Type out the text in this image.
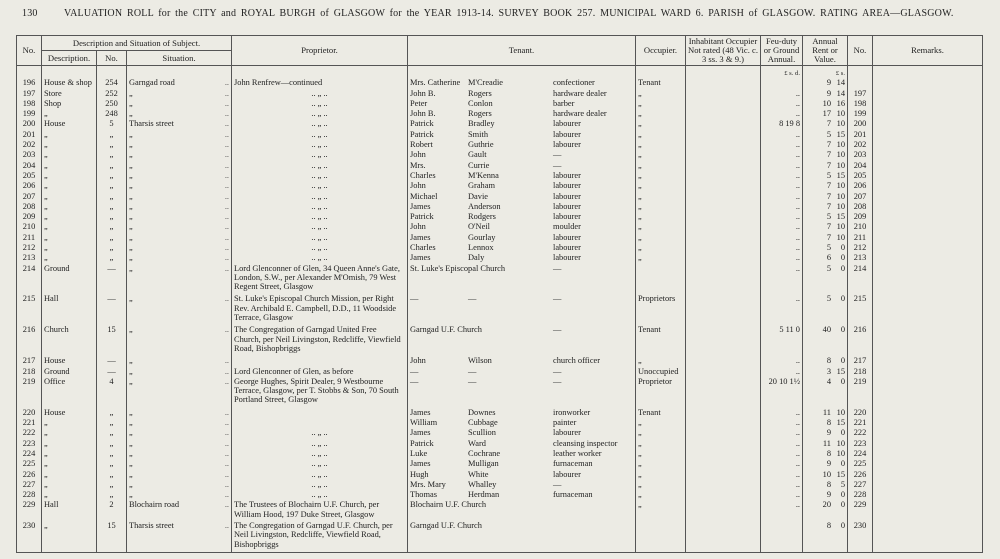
130	VALUATION ROLL for the CITY and ROYAL BURGH of GLASGOW for the YEAR 1913-14. SURVEY BOOK 257. MUNICIPAL WARD 6. PARISH of GLASGOW. RATING AREA—GLASGOW.
No.	Description and Situation of Subject.			Proprietor.	Tenant.	Occupier.	Inhabitant Occupier Not rated (48 Vic. c. 3 ss. 3 & 9.)	Feu-duty or Ground Annual.	Annual Rent or Value.	No.	Remarks.
	Description.	No.	Situation.								
								£ s. d.	£ s.		
196	House & shop	254	Garngad road ..	John Renfrew—continued	Mrs. Catherine M'Creadie confectioner	Tenant			9 14		
197	Store	252	„ ..	.. „ ..	John B. Rogers hardware dealer	„		..	9 14	197	
198	Shop	250	„ ..	.. „ ..	Peter Conlon barber	„		..	10 16	198	
199	„	248	„ ..	.. „ ..	John B. Rogers hardware dealer	„		..	17 10	199	
200	House	5	Tharsis street ..	.. „ ..	Patrick Bradley labourer	„		8 19 8	7 10	200	
201	„	„	„ ..	.. „ ..	Patrick Smith labourer	„		..	5 15	201	
202	„	„	„ ..	.. „ ..	Robert Guthrie labourer	„		..	7 10	202	
203	„	„	„ ..	.. „ ..	John Gault —	„		..	7 10	203	
204	„	„	„ ..	.. „ ..	Mrs. Currie —	„		..	7 10	204	
205	„	„	„ ..	.. „ ..	Charles M'Kenna labourer	„		..	5 15	205	
206	„	„	„ ..	.. „ ..	John Graham labourer	„		..	7 10	206	
207	„	„	„ ..	.. „ ..	Michael Davie labourer	„		..	7 10	207	
208	„	„	„ ..	.. „ ..	James Anderson labourer	„		..	7 10	208	
209	„	„	„ ..	.. „ ..	Patrick Rodgers labourer	„		..	5 15	209	
210	„	„	„ ..	.. „ ..	John O'Neil moulder	„		..	7 10	210	
211	„	„	„ ..	.. „ ..	James Gourlay labourer	„		..	7 10	211	
212	„	„	„ ..	.. „ ..	Charles Lennox labourer	„		..	5 0	212	
213	„	„	„ ..	.. „ ..	James Daly labourer	„		..	6 0	213	
214	Ground	—	„ ..	Lord Glenconner of Glen, 34 Queen Anne's Gate, London, S.W., per Alexander M'Omish, 79 West Regent Street, Glasgow	St. Luke's Episcopal Church —			..	5 0	214	
215	Hall	—	„ ..	St. Luke's Episcopal Church Mission, per Right Rev. Archibald E. Campbell, D.D., 11 Woodside Terrace, Glasgow	— — —	Proprietors		..	5 0	215	
216	Church	15	„ ..	The Congregation of Garngad United Free Church, per Neil Livingston, Redcliffe, Viewfield Road, Bishopbriggs	Garngad U.F. Church —	Tenant		5 11 0	40 0	216	
217	House	—	„ ..		John Wilson church officer	„		..	8 0	217	
218	Ground	—	„ ..	Lord Glenconner of Glen, as before	— — —	Unoccupied		..	3 15	218	
219	Office	4	„ ..	George Hughes, Spirit Dealer, 9 Westbourne Terrace, Glasgow, per T. Stobbs & Son, 70 South Portland Street, Glasgow	— — —	Proprietor		20 10 1½	4 0	219	
220	House	„	„ ..		James Downes ironworker	Tenant		..	11 10	220	
221	„	„	„ ..		William Cubbage painter	„		..	8 15	221	
222	„	„	„ ..	.. „ ..	James Scullion labourer	„		..	9 0	222	
223	„	„	„ ..	.. „ ..	Patrick Ward cleansing inspector	„		..	11 10	223	
224	„	„	„ ..	.. „ ..	Luke Cochrane leather worker	„		..	8 10	224	
225	„	„	„ ..	.. „ ..	James Mulligan furnaceman	„		..	9 0	225	
226	„	„	„ ..	.. „ ..	Hugh White labourer	„		..	10 15	226	
227	„	„	„ ..	.. „ ..	Mrs. Mary Whalley —	„		..	8 5	227	
228	„	„	„ ..	.. „ ..	Thomas Herdman furnaceman	„		..	9 0	228	
229	Hall	2	Blochairn road ..	The Trustees of Blochairn U.F. Church, per William Hood, 197 Duke Street, Glasgow	Blochairn U.F. Church	„		..	20 0	229	
230	„	15	Tharsis street ..	The Congregation of Garngad U.F. Church, per Neil Livingston, Redcliffe, Viewfield Road, Bishopbriggs	Garngad U.F. Church				8 0	230	
